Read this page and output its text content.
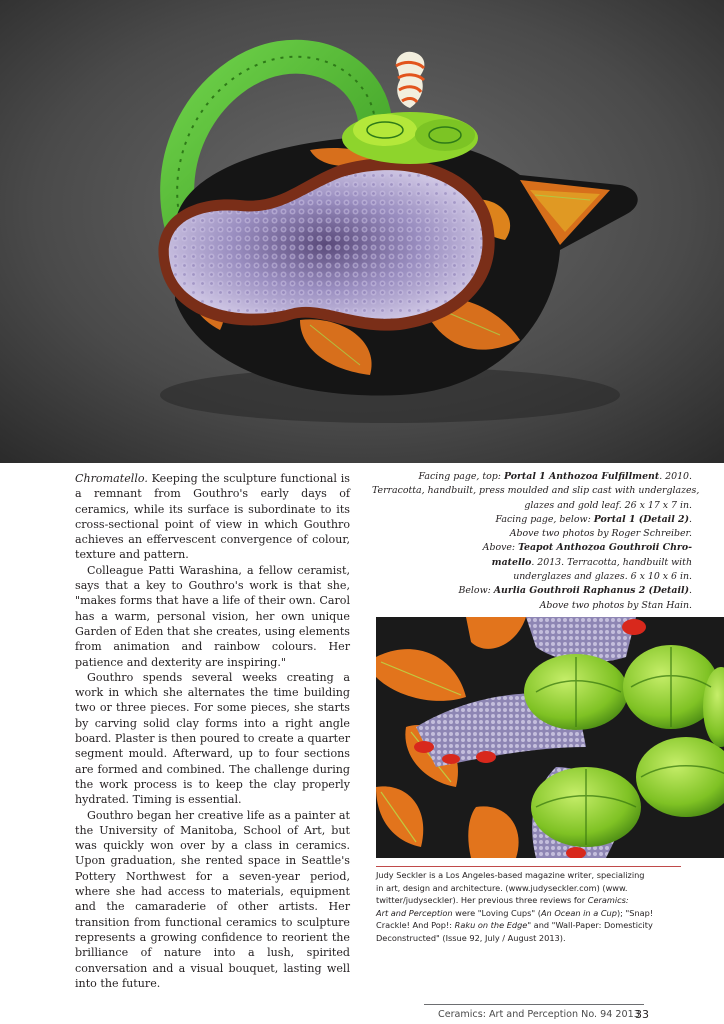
Chromatello. Keeping the sculpture functional is a remnant from Gouthro's early days of ceramics, while its surface is subordinate to its cross-sectional point of view in which Gouthro achieves an effervescent convergence of colour, texture and pattern.

Colleague Patti Warashina, a fellow ceramist, says that a key to Gouthro's work is that she, "makes forms that have a life of their own. Carol has a warm, personal vision, her own unique Garden of Eden that she creates, using elements from animation and rainbow colours. Her patience and dexterity are inspiring."

Gouthro spends several weeks creating a work in which she alternates the time building two or three pieces. For some pieces, she starts by carving solid clay forms into a right angle board. Plaster is then poured to create a quarter segment mould. Afterward, up to four sections are formed and combined. The challenge during the work process is to keep the clay properly hydrated. Timing is essential.

Gouthro began her creative life as a painter at the University of Manitoba, School of Art, but was quickly won over by a class in ceramics. Upon graduation, she rented space in Seattle's Pottery Northwest for a seven-year period, where she had access to materials, equipment and the camaraderie of other artists. Her transition from functional ceramics to sculpture represents a growing confidence to reorient the brilliance of nature into a lush, spirited conversation and a visual bouquet, lasting well into the future.

Facing page, top: Portal 1 Anthozoa Fulfillment. 2010.
Terracotta, handbuilt, press moulded and slip cast with underglazes,
glazes and gold leaf. 26 x 17 x 7 in.
Facing page, below: Portal 1 (Detail 2).
Above two photos by Roger Schreiber.
Above: Teapot Anthozoa Gouthroii Chro-
matello. 2013. Terracotta, handbuilt with
underglazes and glazes. 6 x 10 x 6 in.
Below: Aurlia Gouthroii Raphanus 2 (Detail).
Above two photos by Stan Hain.
Judy Seckler is a Los Angeles-based magazine writer, specializing
in art, design and architecture. (www.judyseckler.com) (www.
twitter/judyseckler). Her previous three reviews for Ceramics:
Art and Perception were "Loving Cups" (An Ocean in a Cup); "Snap!
Crackle! And Pop!: Raku on the Edge" and "Wall-Paper: Domesticity
Deconstructed" (Issue 92, July / August 2013).
Ceramics: Art and Perception No. 94 2013
33
